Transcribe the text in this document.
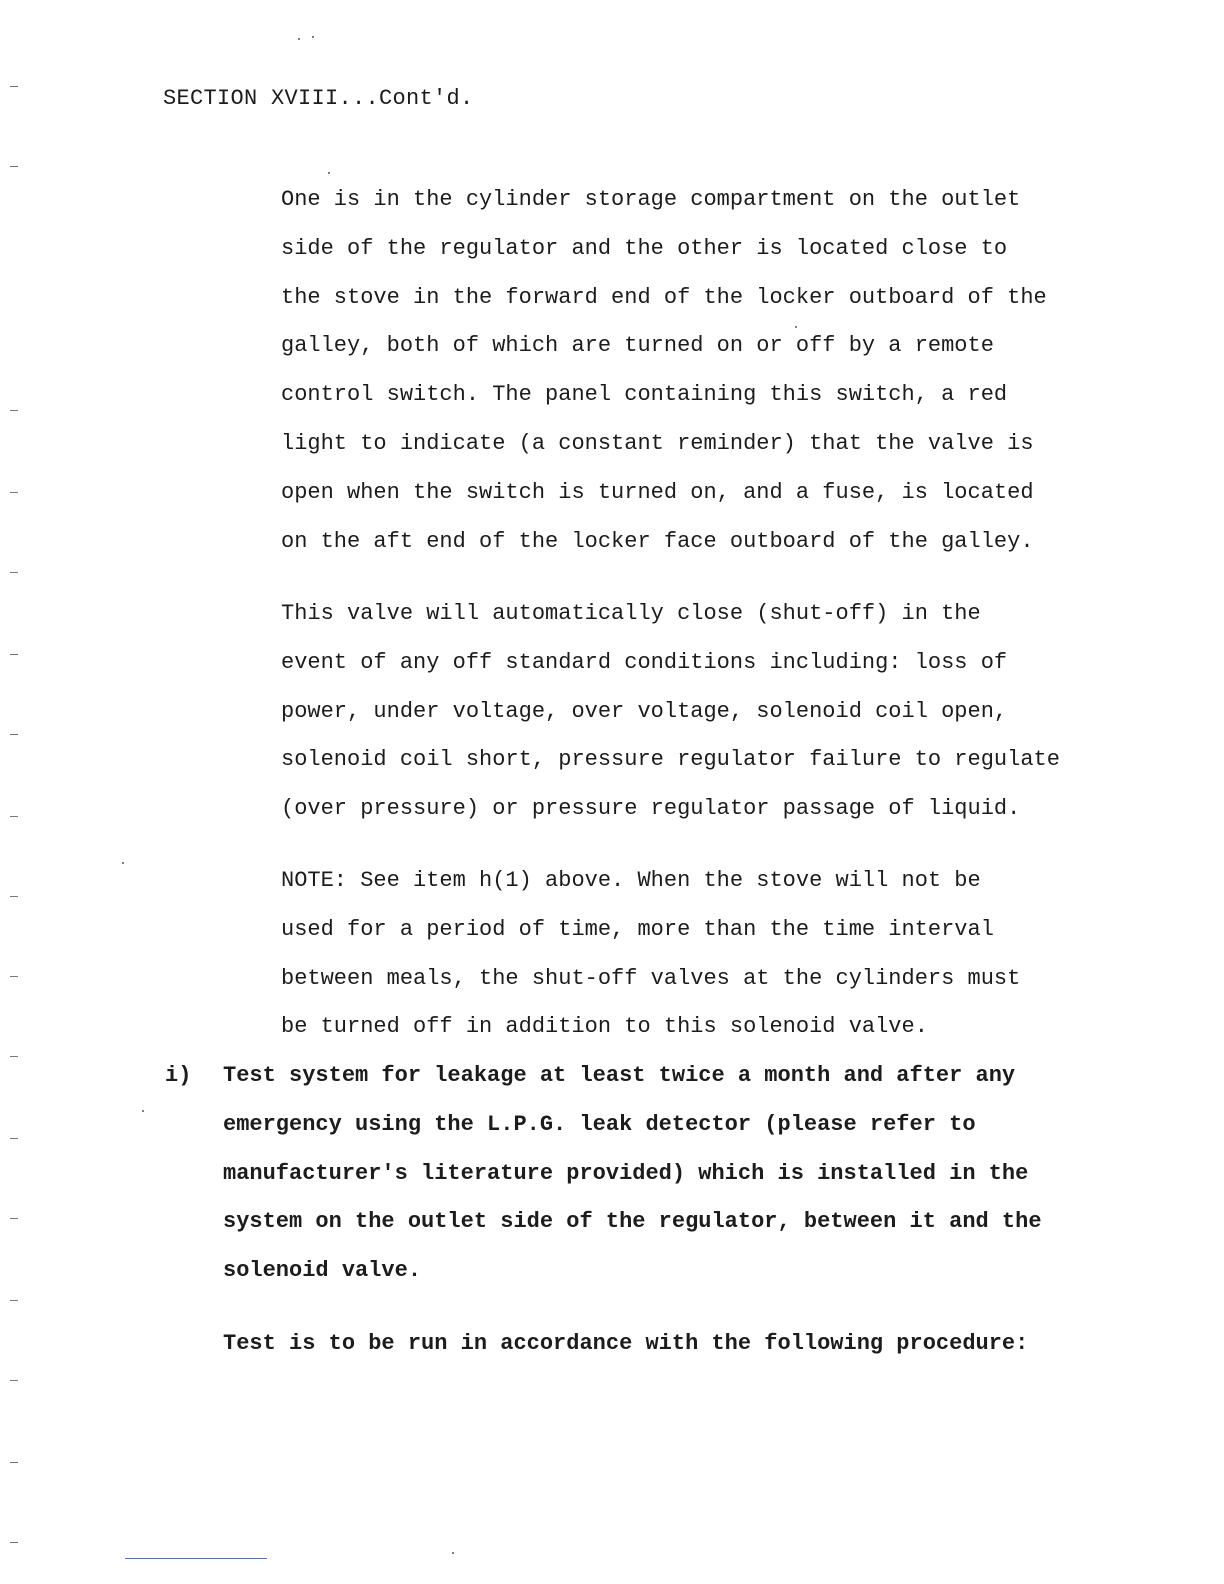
SECTION XVIII...Cont'd.
One is in the cylinder storage compartment on the outlet
side of the regulator and the other is located close to
the stove in the forward end of the locker outboard of the
galley, both of which are turned on or off by a remote
control switch. The panel containing this switch, a red
light to indicate (a constant reminder) that the valve is
open when the switch is turned on, and a fuse, is located
on the aft end of the locker face outboard of the galley.
This valve will automatically close (shut-off) in the
event of any off standard conditions including: loss of
power, under voltage, over voltage, solenoid coil open,
solenoid coil short, pressure regulator failure to regulate
(over pressure) or pressure regulator passage of liquid.
NOTE: See item h(1) above. When the stove will not be
used for a period of time, more than the time interval
between meals, the shut-off valves at the cylinders must
be turned off in addition to this solenoid valve.
i) Test system for leakage at least twice a month and after any
emergency using the L.P.G. leak detector (please refer to
manufacturer's literature provided) which is installed in the
system on the outlet side of the regulator, between it and the
solenoid valve.
Test is to be run in accordance with the following procedure:
